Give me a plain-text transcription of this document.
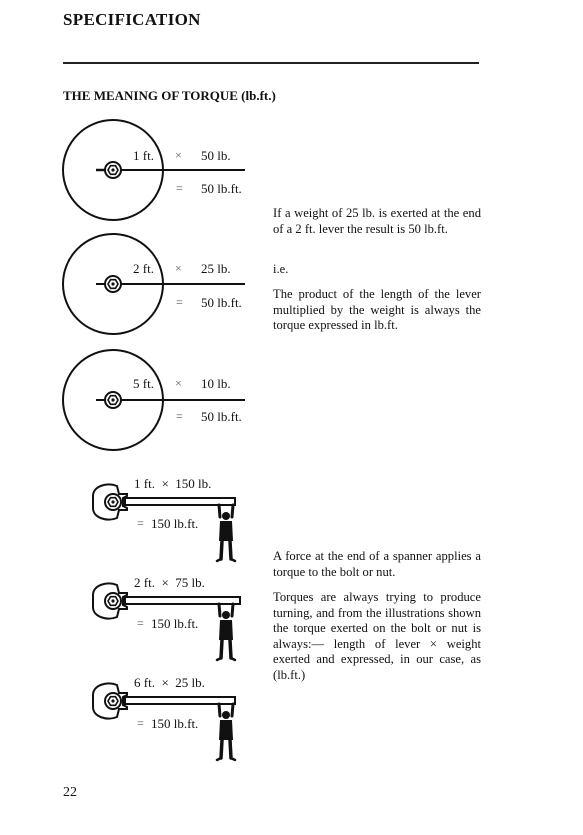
SPECIFICATION
THE MEANING OF TORQUE (lb.ft.)
1 ft. × 50 lb.
= 50 lb.ft.
2 ft. × 25 lb.
= 50 lb.ft.
5 ft. × 10 lb.
= 50 lb.ft.
1 ft.  ×  150 lb.
= 150 lb.ft.
2 ft.  ×  75 lb.
= 150 lb.ft.
6 ft.  ×  25 lb.
= 150 lb.ft.
If a weight of 25 lb. is exerted at the end of a 2 ft. lever the result is 50 lb.ft.
i.e.
The product of the length of the lever multiplied by the weight is always the torque expressed in lb.ft.
A force at the end of a spanner applies a torque to the bolt or nut.
Torques are always trying to produce turning, and from the illustrations shown the torque exerted on the bolt or nut is always:— length of lever × weight exerted and expressed, in our case, as (lb.ft.)
22
